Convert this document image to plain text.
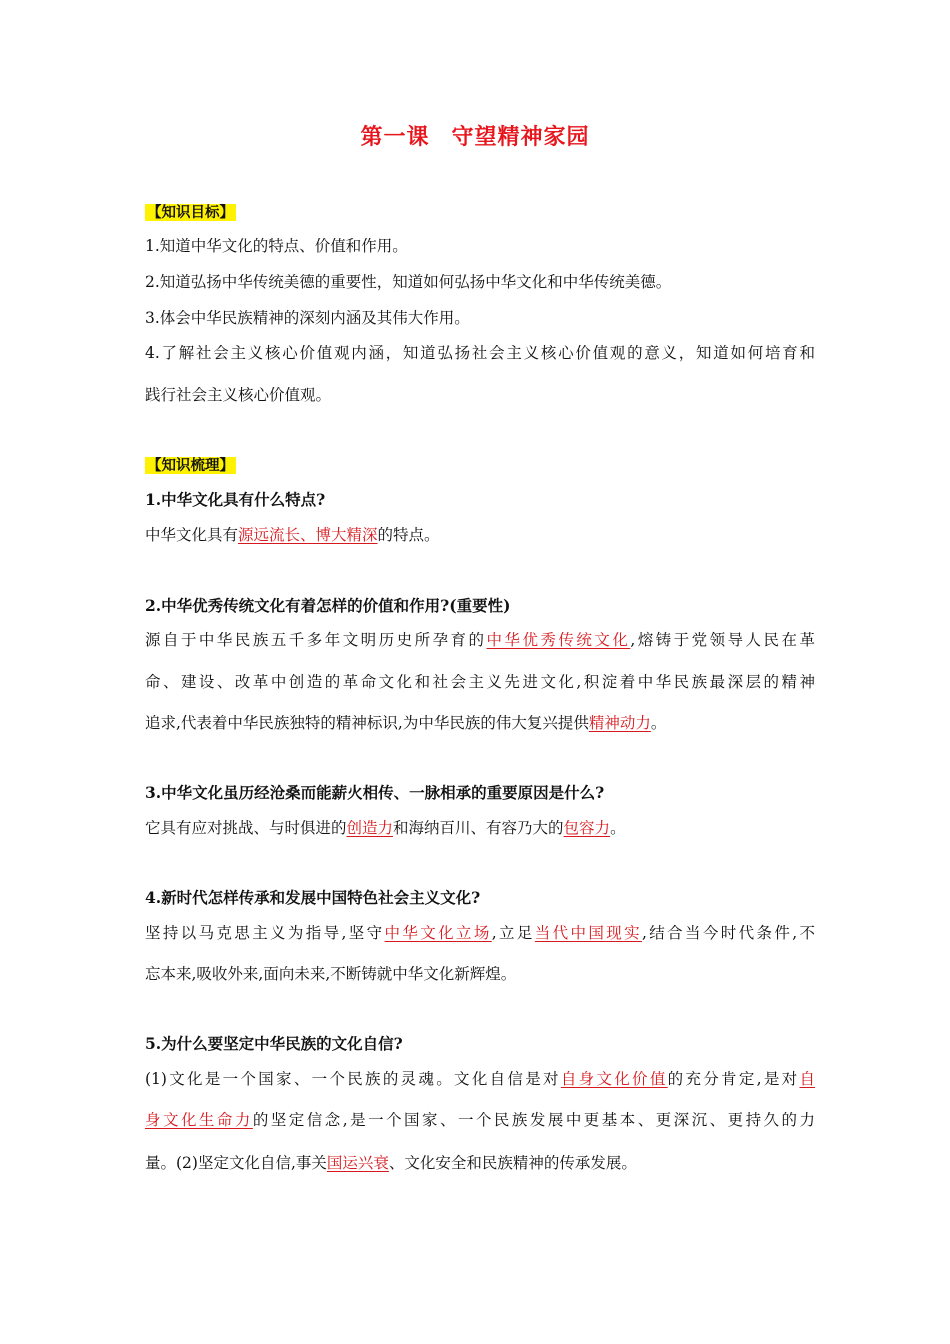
第一课 守望精神家园
【知识目标】
1.知道中华文化的特点、价值和作用。
2.知道弘扬中华传统美德的重要性，知道如何弘扬中华文化和中华传统美德。
3.体会中华民族精神的深刻内涵及其伟大作用。
4.了解社会主义核心价值观内涵，知道弘扬社会主义核心价值观的意义，知道如何培育和
践行社会主义核心价值观。
【知识梳理】
1.中华文化具有什么特点?
中华文化具有源远流长、博大精深的特点。
2.中华优秀传统文化有着怎样的价值和作用?(重要性)
源自于中华民族五千多年文明历史所孕育的中华优秀传统文化,熔铸于党领导人民在革
命、建设、改革中创造的革命文化和社会主义先进文化,积淀着中华民族最深层的精神
追求,代表着中华民族独特的精神标识,为中华民族的伟大复兴提供精神动力。
3.中华文化虽历经沧桑而能薪火相传、一脉相承的重要原因是什么?
它具有应对挑战、与时俱进的创造力和海纳百川、有容乃大的包容力。
4.新时代怎样传承和发展中国特色社会主义文化?
坚持以马克思主义为指导,坚守中华文化立场,立足当代中国现实,结合当今时代条件,不
忘本来,吸收外来,面向未来,不断铸就中华文化新辉煌。
5.为什么要坚定中华民族的文化自信?
(1)文化是一个国家、一个民族的灵魂。文化自信是对自身文化价值的充分肯定,是对自
身文化生命力的坚定信念,是一个国家、一个民族发展中更基本、更深沉、更持久的力
量。(2)坚定文化自信,事关国运兴衰、文化安全和民族精神的传承发展。
